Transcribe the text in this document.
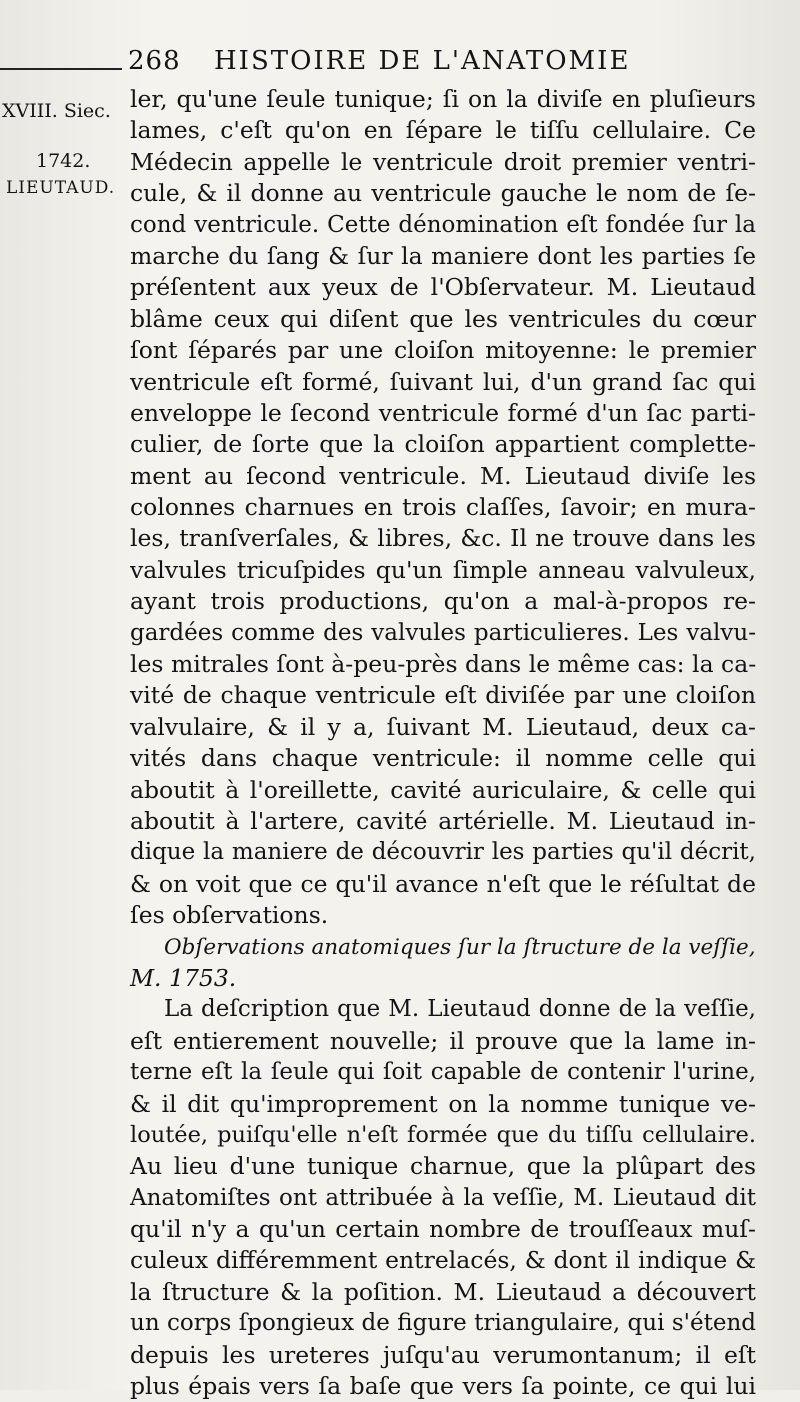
268 HISTOIRE DE L'ANATOMIE
XVIII. Siec.
1742.
LIEUTAUD.
ler, qu'une ſeule tunique; ſi on la diviſe en pluſieurs
lames, c'eſt qu'on en ſépare le tiſſu cellulaire. Ce
Médecin appelle le ventricule droit premier ventri-
cule, & il donne au ventricule gauche le nom de ſe-
cond ventricule. Cette dénomination eſt fondée ſur la
marche du ſang & ſur la maniere dont les parties ſe
préſentent aux yeux de l'Obſervateur. M. Lieutaud
blâme ceux qui diſent que les ventricules du cœur
ſont ſéparés par une cloiſon mitoyenne: le premier
ventricule eſt formé, ſuivant lui, d'un grand ſac qui
enveloppe le ſecond ventricule formé d'un ſac parti-
culier, de ſorte que la cloiſon appartient complette-
ment au ſecond ventricule. M. Lieutaud diviſe les
colonnes charnues en trois claſſes, ſavoir; en mura-
les, tranſverſales, & libres, &c. Il ne trouve dans les
valvules tricuſpides qu'un ſimple anneau valvuleux,
ayant trois productions, qu'on a mal-à-propos re-
gardées comme des valvules particulieres. Les valvu-
les mitrales ſont à-peu-près dans le même cas: la ca-
vité de chaque ventricule eſt diviſée par une cloiſon
valvulaire, & il y a, ſuivant M. Lieutaud, deux ca-
vités dans chaque ventricule: il nomme celle qui
aboutit à l'oreillette, cavité auriculaire, & celle qui
aboutit à l'artere, cavité artérielle. M. Lieutaud in-
dique la maniere de découvrir les parties qu'il décrit,
& on voit que ce qu'il avance n'eſt que le réſultat de
ſes obſervations.
Obſervations anatomiques ſur la ſtructure de la veſſie,
M. 1753.
La deſcription que M. Lieutaud donne de la veſſie,
eſt entierement nouvelle; il prouve que la lame in-
terne eſt la ſeule qui ſoit capable de contenir l'urine,
& il dit qu'improprement on la nomme tunique ve-
loutée, puiſqu'elle n'eſt formée que du tiſſu cellulaire.
Au lieu d'une tunique charnue, que la plûpart des
Anatomiſtes ont attribuée à la veſſie, M. Lieutaud dit
qu'il n'y a qu'un certain nombre de trouſſeaux muſ-
culeux différemment entrelacés, & dont il indique &
la ſtructure & la poſition. M. Lieutaud a découvert
un corps ſpongieux de figure triangulaire, qui s'étend
depuis les ureteres juſqu'au verumontanum; il eſt
plus épais vers ſa baſe que vers ſa pointe, ce qui lui
